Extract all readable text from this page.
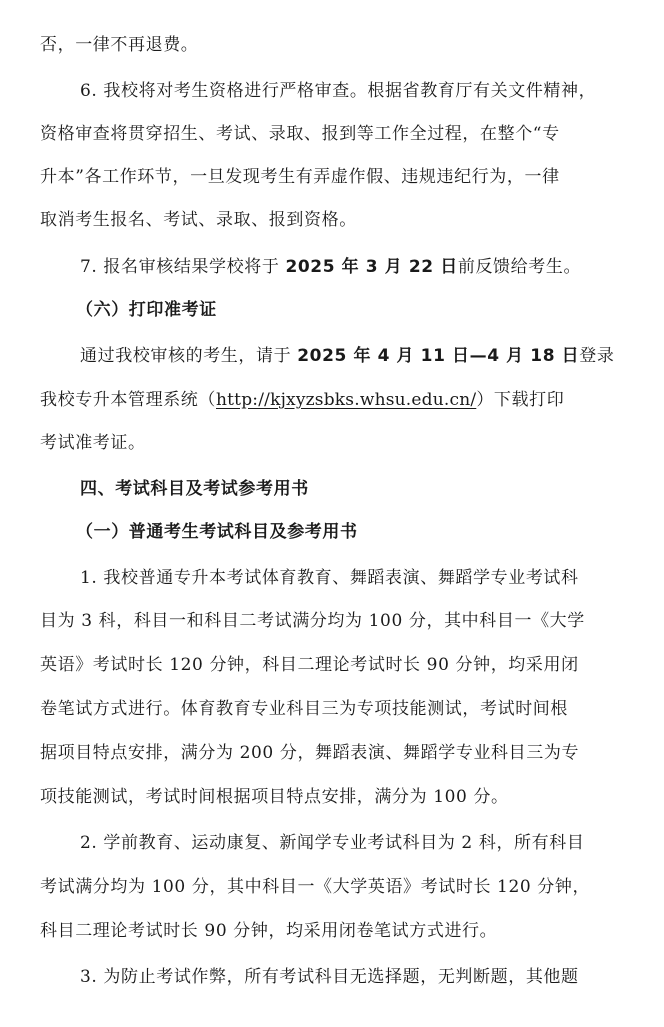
否，一律不再退费。
6. 我校将对考生资格进行严格审查。根据省教育厅有关文件精神，
资格审查将贯穿招生、考试、录取、报到等工作全过程，在整个“专
升本”各工作环节，一旦发现考生有弄虚作假、违规违纪行为，一律
取消考生报名、考试、录取、报到资格。
7. 报名审核结果学校将于 2025 年 3 月 22 日前反馈给考生。
（六）打印准考证
通过我校审核的考生，请于 2025 年 4 月 11 日—4 月 18 日登录
我校专升本管理系统（http://kjxyzsbks.whsu.edu.cn/）下载打印
考试准考证。
四、考试科目及考试参考用书
（一）普通考生考试科目及参考用书
1. 我校普通专升本考试体育教育、舞蹈表演、舞蹈学专业考试科
目为 3 科，科目一和科目二考试满分均为 100 分，其中科目一《大学
英语》考试时长 120 分钟，科目二理论考试时长 90 分钟，均采用闭
卷笔试方式进行。体育教育专业科目三为专项技能测试，考试时间根
据项目特点安排，满分为 200 分，舞蹈表演、舞蹈学专业科目三为专
项技能测试，考试时间根据项目特点安排，满分为 100 分。
2. 学前教育、运动康复、新闻学专业考试科目为 2 科，所有科目
考试满分均为 100 分，其中科目一《大学英语》考试时长 120 分钟，
科目二理论考试时长 90 分钟，均采用闭卷笔试方式进行。
3. 为防止考试作弊，所有考试科目无选择题，无判断题，其他题
